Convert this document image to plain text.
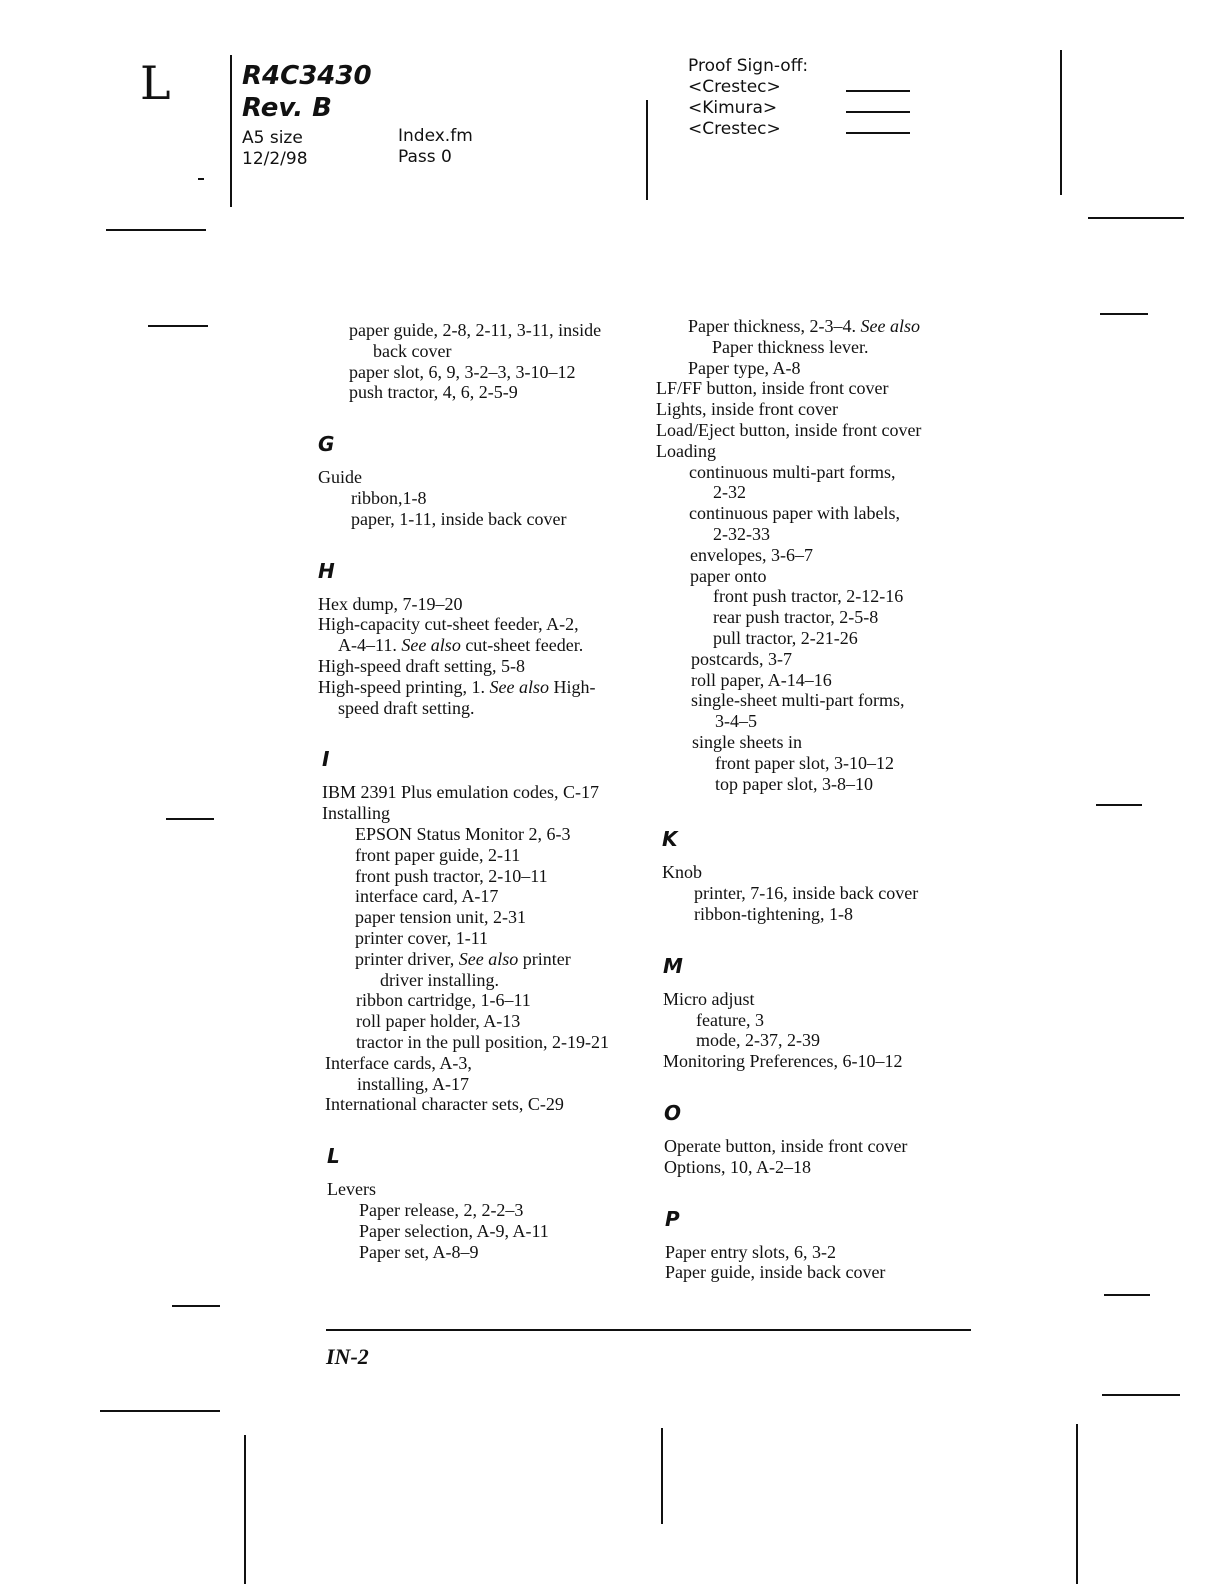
L	R4C3430
Rev. B
A5 size
12/2/98
Index.fm
Pass 0
Proof Sign-off:
<Crestec>
<Kimura>
<Crestec>
paper guide, 2-8, 2-11, 3-11, inside
back cover
paper slot, 6, 9, 3-2–3, 3-10–12
push tractor, 4, 6, 2-5-9
G
Guide
ribbon,1-8
paper, 1-11, inside back cover
H
Hex dump, 7-19–20
High-capacity cut-sheet feeder, A-2,
A-4–11. See also cut-sheet feeder.
High-speed draft setting, 5-8
High-speed printing, 1. See also High-
speed draft setting.
I
IBM 2391 Plus emulation codes, C-17
Installing
EPSON Status Monitor 2, 6-3
front paper guide, 2-11
front push tractor, 2-10–11
interface card, A-17
paper tension unit, 2-31
printer cover, 1-11
printer driver, See also printer
driver installing.
ribbon cartridge, 1-6–11
roll paper holder, A-13
tractor in the pull position, 2-19-21
Interface cards, A-3,
installing, A-17
International character sets, C-29
L
Levers
Paper release, 2, 2-2–3
Paper selection, A-9, A-11
Paper set, A-8–9
Paper thickness, 2-3–4. See also
Paper thickness lever.
Paper type, A-8
LF/FF button, inside front cover
Lights, inside front cover
Load/Eject button, inside front cover
Loading
continuous multi-part forms,
2-32
continuous paper with labels,
2-32-33
envelopes, 3-6–7
paper onto
front push tractor, 2-12-16
rear push tractor, 2-5-8
pull tractor, 2-21-26
postcards, 3-7
roll paper, A-14–16
single-sheet multi-part forms,
3-4–5
single sheets in
front paper slot, 3-10–12
top paper slot, 3-8–10
K
Knob
printer, 7-16, inside back cover
ribbon-tightening, 1-8
M
Micro adjust
feature, 3
mode, 2-37, 2-39
Monitoring Preferences, 6-10–12
O
Operate button, inside front cover
Options, 10, A-2–18
P
Paper entry slots, 6, 3-2
Paper guide, inside back cover
IN-2
